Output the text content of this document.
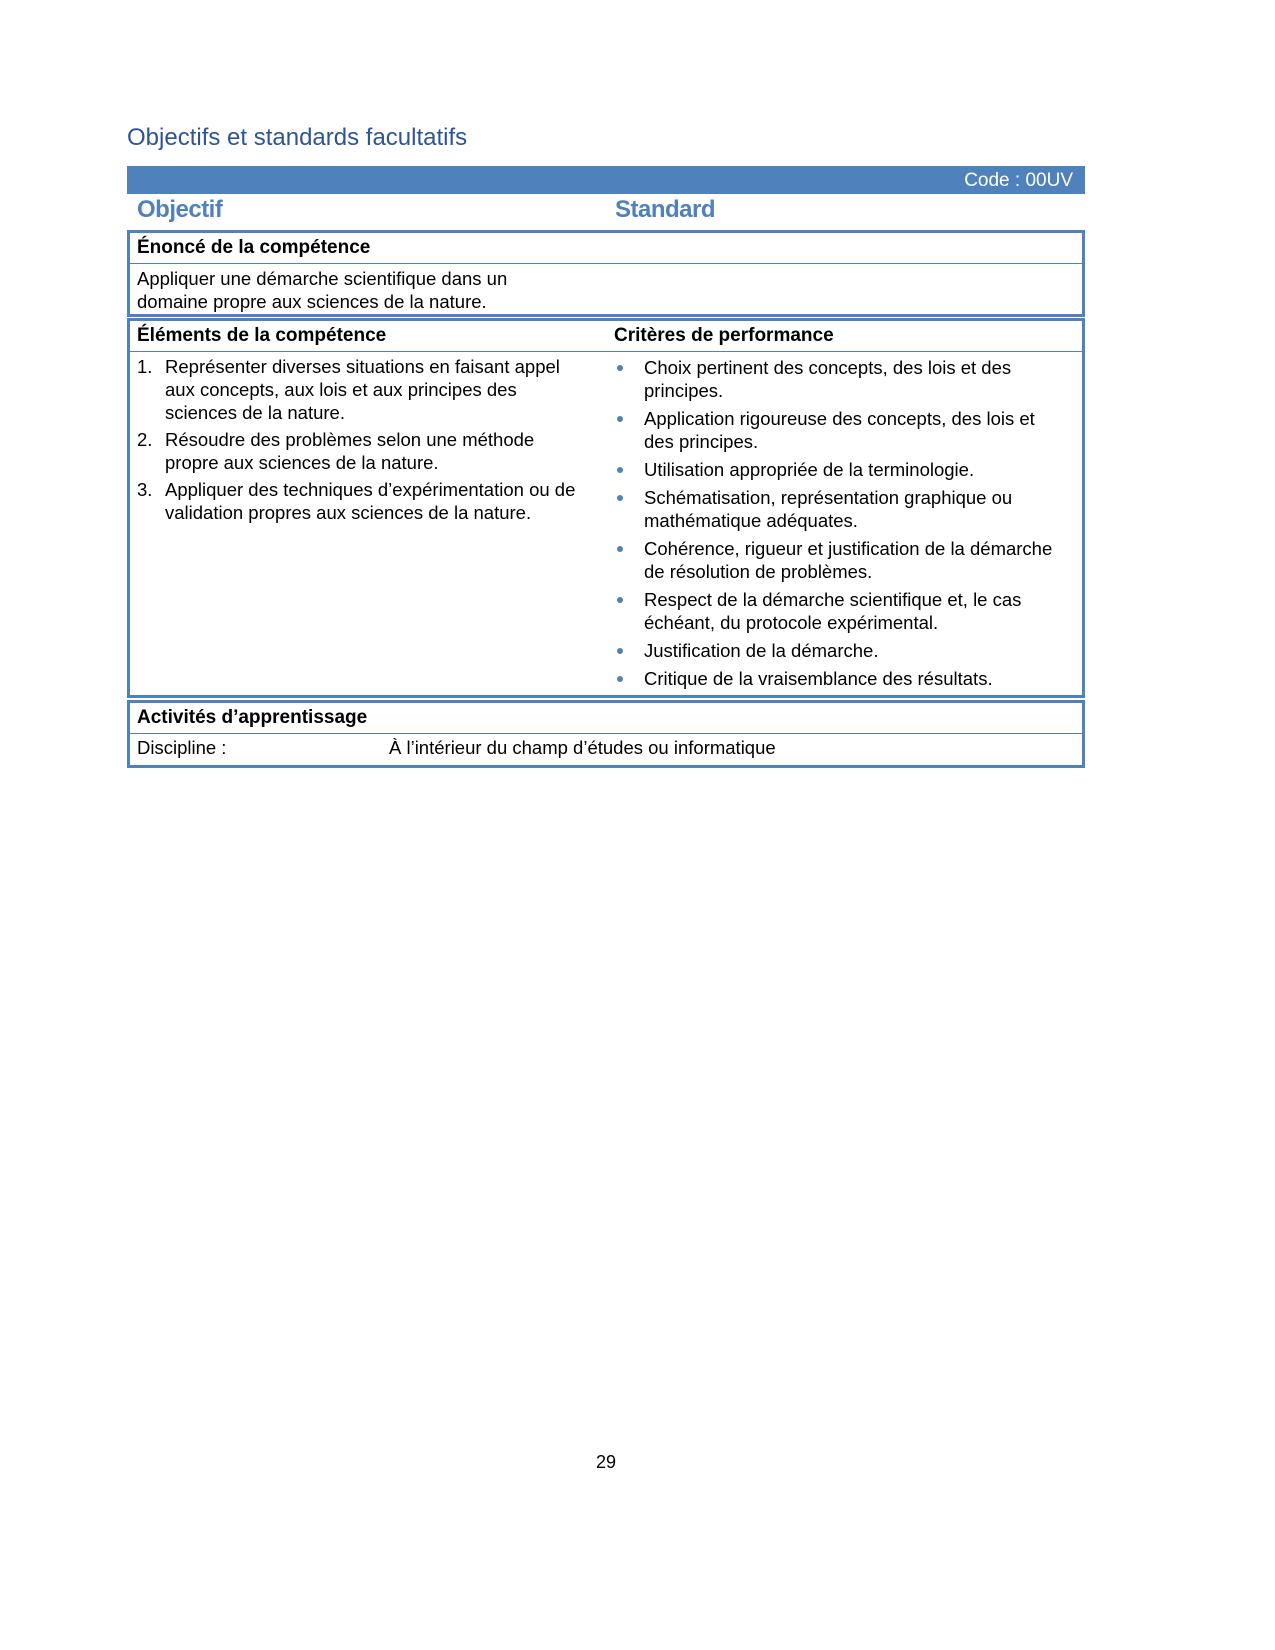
Objectifs et standards facultatifs
Code : 00UV
Objectif	Standard
Énoncé de la compétence
Appliquer une démarche scientifique dans un
domaine propre aux sciences de la nature.
Éléments de la compétence	Critères de performance
1. Représenter diverses situations en faisant appel aux concepts, aux lois et aux principes des sciences de la nature.
2. Résoudre des problèmes selon une méthode propre aux sciences de la nature.
3. Appliquer des techniques d’expérimentation ou de validation propres aux sciences de la nature.
Choix pertinent des concepts, des lois et des principes.
Application rigoureuse des concepts, des lois et des principes.
Utilisation appropriée de la terminologie.
Schématisation, représentation graphique ou mathématique adéquates.
Cohérence, rigueur et justification de la démarche de résolution de problèmes.
Respect de la démarche scientifique et, le cas échéant, du protocole expérimental.
Justification de la démarche.
Critique de la vraisemblance des résultats.
Activités d’apprentissage
Discipline :	À l’intérieur du champ d’études ou informatique
29
